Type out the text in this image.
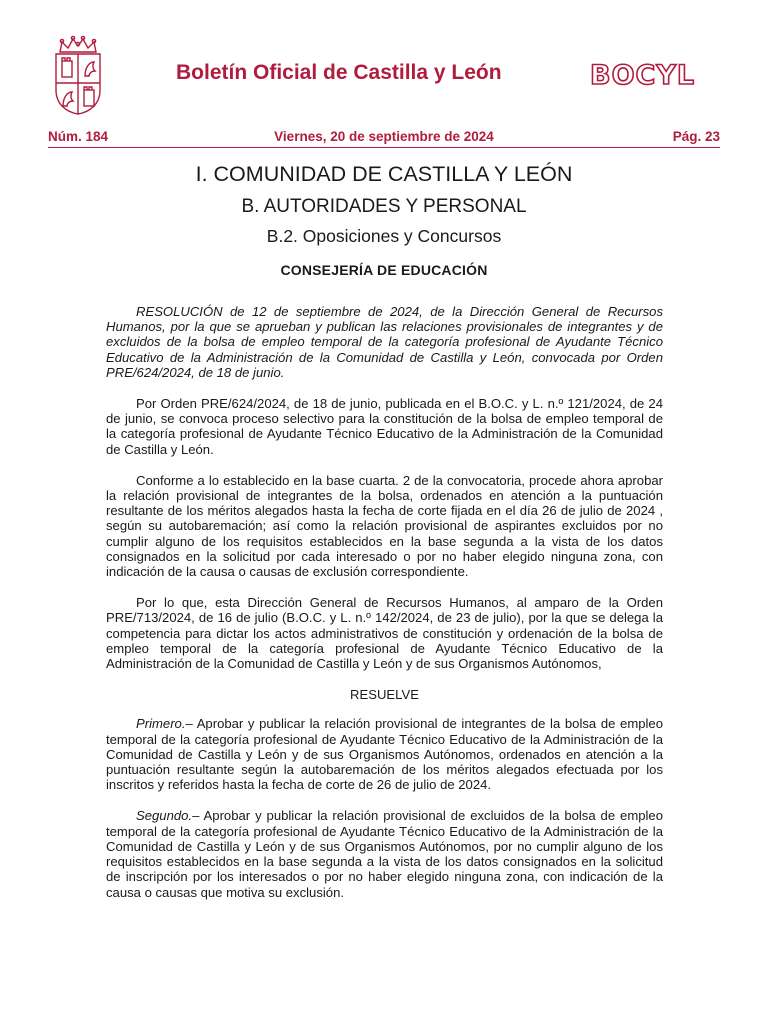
Boletín Oficial de Castilla y León	BOCYL
Núm. 184	Viernes, 20 de septiembre de 2024	Pág. 23
I. COMUNIDAD DE CASTILLA Y LEÓN
B. AUTORIDADES Y PERSONAL
B.2. Oposiciones y Concursos
CONSEJERÍA DE EDUCACIÓN

RESOLUCIÓN de 12 de septiembre de 2024, de la Dirección General de Recursos Humanos, por la que se aprueban y publican las relaciones provisionales de integrantes y de excluidos de la bolsa de empleo temporal de la categoría profesional de Ayudante Técnico Educativo de la Administración de la Comunidad de Castilla y León, convocada por Orden PRE/624/2024, de 18 de junio.

Por Orden PRE/624/2024, de 18 de junio, publicada en el B.O.C. y L. n.º 121/2024, de 24 de junio, se convoca proceso selectivo para la constitución de la bolsa de empleo temporal de la categoría profesional de Ayudante Técnico Educativo de la Administración de la Comunidad de Castilla y León.

Conforme a lo establecido en la base cuarta. 2 de la convocatoria, procede ahora aprobar la relación provisional de integrantes de la bolsa, ordenados en atención a la puntuación resultante de los méritos alegados hasta la fecha de corte fijada en el día 26 de julio de 2024 , según su autobaremación; así como la relación provisional de aspirantes excluidos por no cumplir alguno de los requisitos establecidos en la base segunda a la vista de los datos consignados en la solicitud por cada interesado o por no haber elegido ninguna zona, con indicación de la causa o causas de exclusión correspondiente.

Por lo que, esta Dirección General de Recursos Humanos, al amparo de la Orden PRE/713/2024, de 16 de julio (B.O.C. y L. n.º 142/2024, de 23 de julio), por la que se delega la competencia para dictar los actos administrativos de constitución y ordenación de la bolsa de empleo temporal de la categoría profesional de Ayudante Técnico Educativo de la Administración de la Comunidad de Castilla y León y de sus Organismos Autónomos,

RESUELVE

Primero.– Aprobar y publicar la relación provisional de integrantes de la bolsa de empleo temporal de la categoría profesional de Ayudante Técnico Educativo de la Administración de la Comunidad de Castilla y León y de sus Organismos Autónomos, ordenados en atención a la puntuación resultante según la autobaremación de los méritos alegados efectuada por los inscritos y referidos hasta la fecha de corte de 26 de julio de 2024.

Segundo.– Aprobar y publicar la relación provisional de excluidos de la bolsa de empleo temporal de la categoría profesional de Ayudante Técnico Educativo de la Administración de la Comunidad de Castilla y León y de sus Organismos Autónomos, por no cumplir alguno de los requisitos establecidos en la base segunda a la vista de los datos consignados en la solicitud de inscripción por los interesados o por no haber elegido ninguna zona, con indicación de la causa o causas que motiva su exclusión.
